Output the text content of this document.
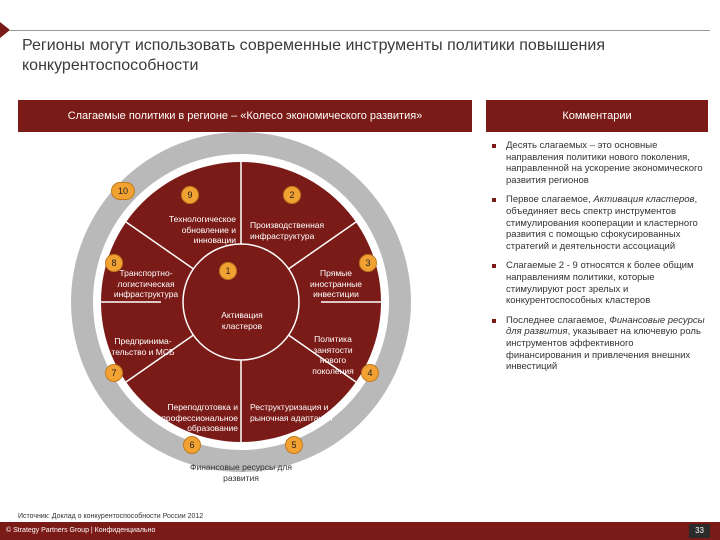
Регионы могут использовать современные инструменты политики повышения конкурентоспособности
Слагаемые политики в регионе – «Колесо экономического развития»	Комментарии
Технологическое обновление и инновации
Производственная инфраструктура
Транспортно-логистическая инфраструктура
Прямые иностранные инвестиции
Активация кластеров
Предпринима-тельство и МСБ
Политика занятости нового поколения
Переподготовка и профессиональное образование
Реструктуризация и рыночная адаптация
Финансовые ресурсы для развития
1
2
3
4
5
6
7
8
9
10
Десять слагаемых – это основные направления политики нового поколения, направленной на ускорение экономического развития регионов
Первое слагаемое, Активация кластеров, объединяет весь спектр инструментов стимулирования кооперации и кластерного развития с помощью сфокусированных стратегий и деятельности ассоциаций
Слагаемые 2 - 9 относятся к более общим направлениям политики, которые стимулируют рост зрелых и конкурентоспособных кластеров
Последнее слагаемое, Финансовые ресурсы для развития, указывает на ключевую роль инструментов эффективного финансирования и привлечения внешних инвестиций
Источник: Доклад о конкурентоспособности России 2012
© Strategy Partners Group | Конфиденциально	33
